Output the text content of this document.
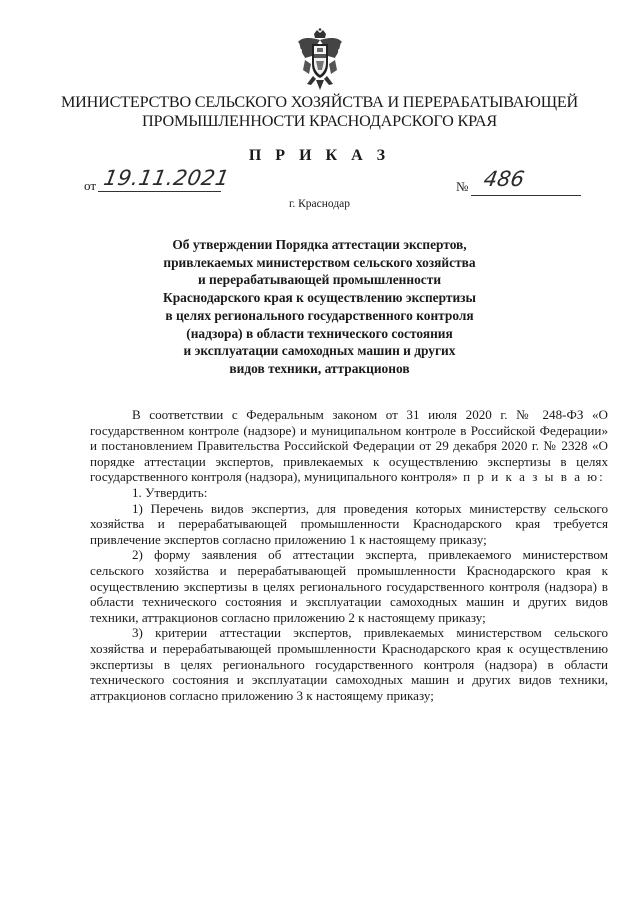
МИНИСТЕРСТВО СЕЛЬСКОГО ХОЗЯЙСТВА И ПЕРЕРАБАТЫВАЮЩЕЙ
ПРОМЫШЛЕННОСТИ КРАСНОДАРСКОГО КРАЯ
П Р И К А З
от 19.11.2021	№ 486
г. Краснодар
Об утверждении Порядка аттестации экспертов,
привлекаемых министерством сельского хозяйства
и перерабатывающей промышленности
Краснодарского края к осуществлению экспертизы
в целях регионального государственного контроля
(надзора) в области технического состояния
и эксплуатации самоходных машин и других
видов техники, аттракционов

В соответствии с Федеральным законом от 31 июля 2020 г. № 248-ФЗ «О государственном контроле (надзоре) и муниципальном контроле в Российской Федерации» и постановлением Правительства Российской Федерации от 29 декабря 2020 г. № 2328 «О порядке аттестации экспертов, привлекаемых к осуществлению экспертизы в целях государственного контроля (надзора), муниципального контроля» п р и к а з ы в а ю:

1. Утвердить:

1) Перечень видов экспертиз, для проведения которых министерству сельского хозяйства и перерабатывающей промышленности Краснодарского края требуется привлечение экспертов согласно приложению 1 к настоящему приказу;

2) форму заявления об аттестации эксперта, привлекаемого министерством сельского хозяйства и перерабатывающей промышленности Краснодарского края к осуществлению экспертизы в целях регионального государственного контроля (надзора) в области технического состояния и эксплуатации самоходных машин и других видов техники, аттракционов согласно приложению 2 к настоящему приказу;

3) критерии аттестации экспертов, привлекаемых министерством сельского хозяйства и перерабатывающей промышленности Краснодарского края к осуществлению экспертизы в целях регионального государственного контроля (надзора) в области технического состояния и эксплуатации самоходных машин и других видов техники, аттракционов согласно приложению 3 к настоящему приказу;
